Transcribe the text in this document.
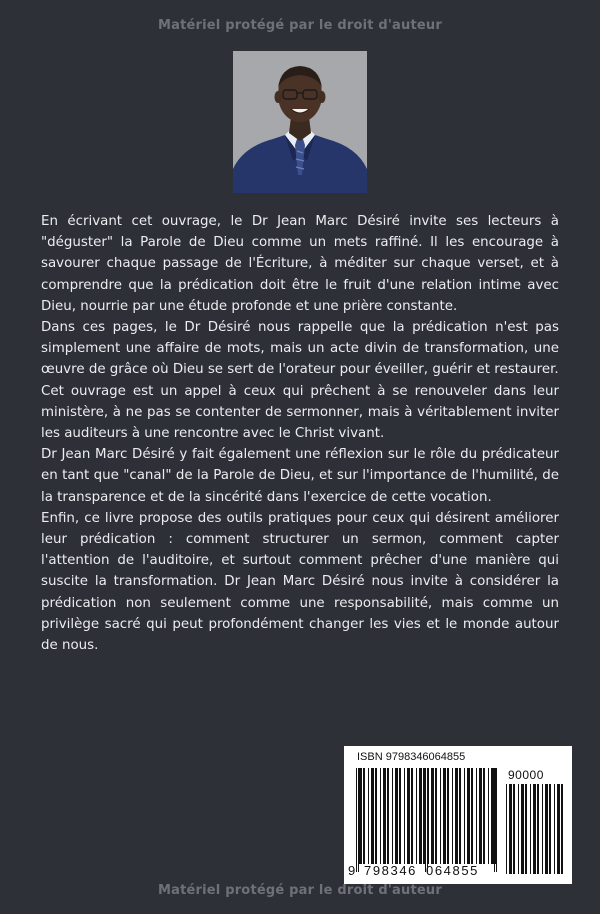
Matériel protégé par le droit d'auteur

En écrivant cet ouvrage, le Dr Jean Marc Désiré invite ses lecteurs à "déguster" la Parole de Dieu comme un mets raffiné. Il les encourage à savourer chaque passage de l'Écriture, à méditer sur chaque verset, et à comprendre que la prédication doit être le fruit d'une relation intime avec Dieu, nourrie par une étude profonde et une prière constante.

Dans ces pages, le Dr Désiré nous rappelle que la prédication n'est pas simplement une affaire de mots, mais un acte divin de transformation, une œuvre de grâce où Dieu se sert de l'orateur pour éveiller, guérir et restaurer.

Cet ouvrage est un appel à ceux qui prêchent à se renouveler dans leur ministère, à ne pas se contenter de sermonner, mais à véritablement inviter les auditeurs à une rencontre avec le Christ vivant.

Dr Jean Marc Désiré y fait également une réflexion sur le rôle du prédicateur en tant que "canal" de la Parole de Dieu, et sur l'importance de l'humilité, de la transparence et de la sincérité dans l'exercice de cette vocation.

Enfin, ce livre propose des outils pratiques pour ceux qui désirent améliorer leur prédication : comment structurer un sermon, comment capter l'attention de l'auditoire, et surtout comment prêcher d'une manière qui suscite la transformation. Dr Jean Marc Désiré nous invite à considérer la prédication non seulement comme une responsabilité, mais comme un privilège sacré qui peut profondément changer les vies et le monde autour de nous.

ISBN 9798346064855
90000
9 798346 064855
Matériel protégé par le droit d'auteur
